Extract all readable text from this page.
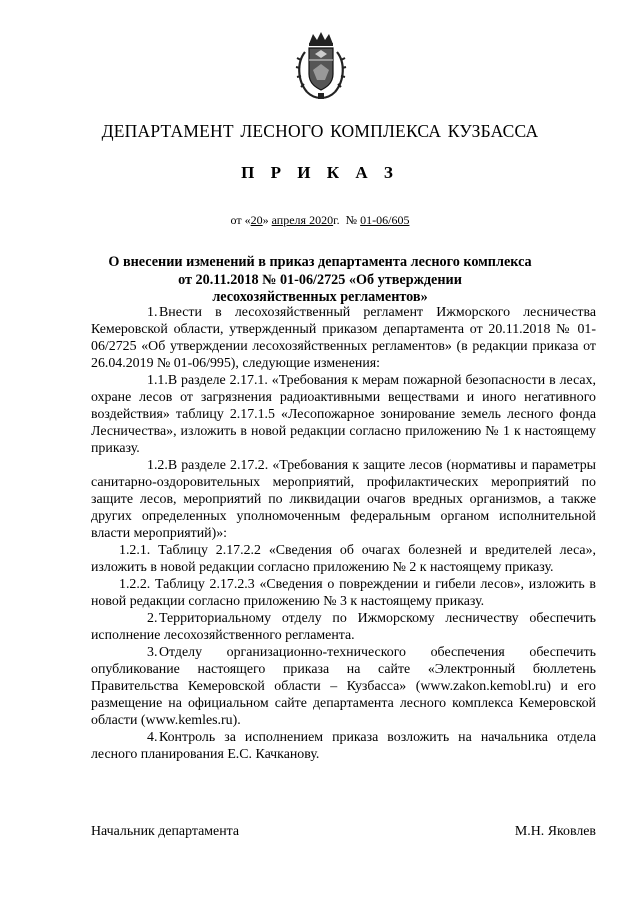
ДЕПАРТАМЕНТ ЛЕСНОГО КОМПЛЕКСА КУЗБАССА
П Р И К А З
от «20» апреля 2020г. № 01-06/605
О внесении изменений в приказ департамента лесного комплекса
от 20.11.2018 № 01-06/2725 «Об утверждении
лесохозяйственных регламентов»

1. Внести в лесохозяйственный регламент Ижморского лесничества Кемеровской области, утвержденный приказом департамента от 20.11.2018 № 01-06/2725 «Об утверждении лесохозяйственных регламентов» (в редакции приказа от 26.04.2019 № 01-06/995), следующие изменения:

1.1.В разделе 2.17.1. «Требования к мерам пожарной безопасности в лесах, охране лесов от загрязнения радиоактивными веществами и иного негативного воздействия» таблицу 2.17.1.5 «Лесопожарное зонирование земель лесного фонда Лесничества», изложить в новой редакции согласно приложению № 1 к настоящему приказу.

1.2.В разделе 2.17.2. «Требования к защите лесов (нормативы и параметры санитарно-оздоровительных мероприятий, профилактических мероприятий по защите лесов, мероприятий по ликвидации очагов вредных организмов, а также других определенных уполномоченным федеральным органом исполнительной власти мероприятий)»:

1.2.1. Таблицу 2.17.2.2 «Сведения об очагах болезней и вредителей леса», изложить в новой редакции согласно приложению № 2 к настоящему приказу.

1.2.2. Таблицу 2.17.2.3 «Сведения о повреждении и гибели лесов», изложить в новой редакции согласно приложению № 3 к настоящему приказу.

2. Территориальному отделу по Ижморскому лесничеству обеспечить исполнение лесохозяйственного регламента.

3. Отделу организационно-технического обеспечения обеспечить опубликование настоящего приказа на сайте «Электронный бюллетень Правительства Кемеровской области – Кузбасса» (www.zakon.kemobl.ru) и его размещение на официальном сайте департамента лесного комплекса Кемеровской области (www.kemles.ru).

4. Контроль за исполнением приказа возложить на начальника отдела лесного планирования Е.С. Качканову.

Начальник департамента	М.Н. Яковлев
